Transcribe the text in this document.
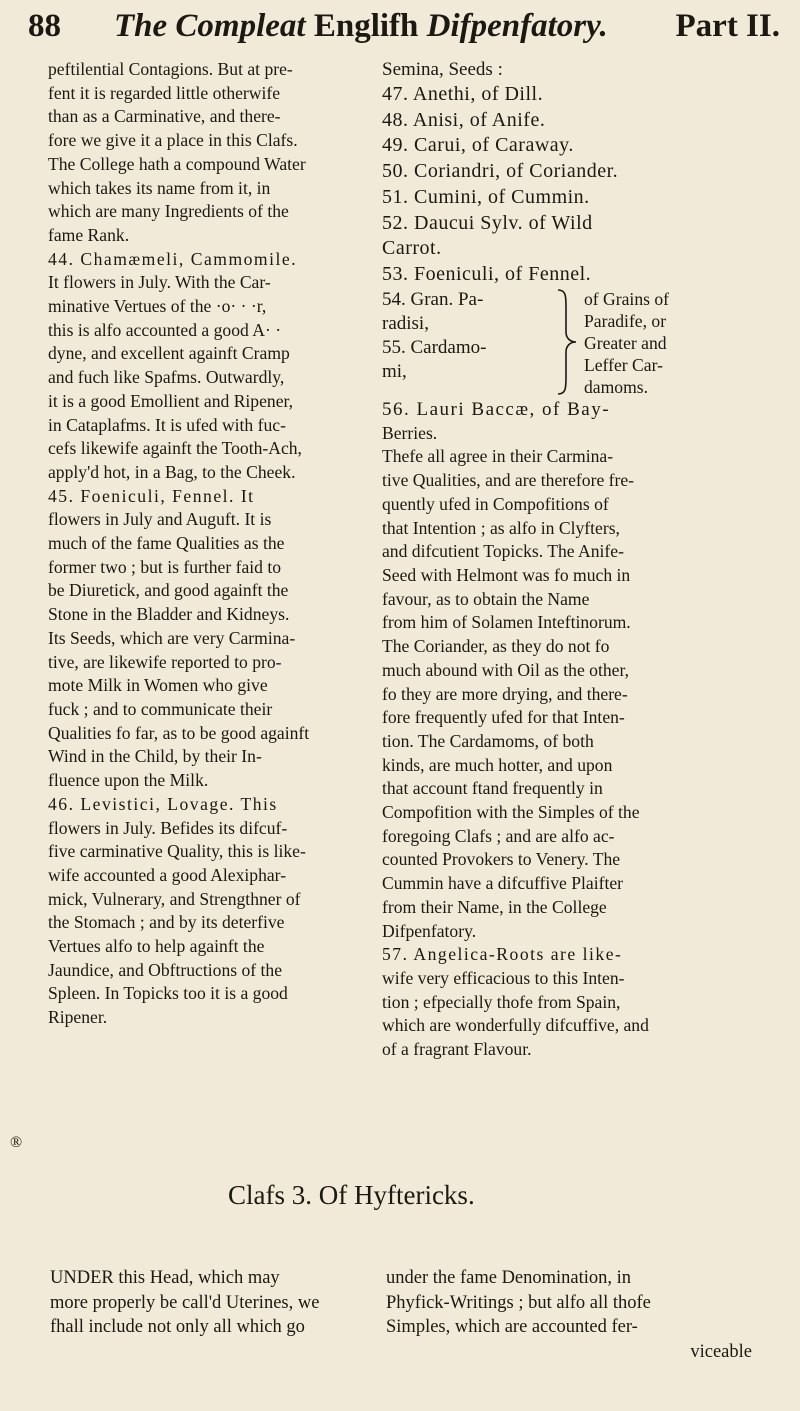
88 The Compleat Englifh Difpenfatory. Part II.

peftilential Contagions. But at pre-
fent it is regarded little otherwife
than as a Carminative, and there-
fore we give it a place in this Clafs.
The College hath a compound Water
which takes its name from it, in
which are many Ingredients of the
fame Rank.

44. Chamæmeli, Cammomile.
It flowers in July. With the Car-
minative Vertues of the ·o· · ·r,
this is alfo accounted a good A· ·
dyne, and excellent againft Cramp
and fuch like Spafms. Outwardly,
it is a good Emollient and Ripener,
in Cataplafms. It is ufed with fuc-
cefs likewife againft the Tooth-Ach,
apply'd hot, in a Bag, to the Cheek.

45. Foeniculi, Fennel. It
flowers in July and Auguft. It is
much of the fame Qualities as the
former two ; but is further faid to
be Diuretick, and good againft the
Stone in the Bladder and Kidneys.
Its Seeds, which are very Carmina-
tive, are likewife reported to pro-
mote Milk in Women who give
fuck ; and to communicate their
Qualities fo far, as to be good againft
Wind in the Child, by their In-
fluence upon the Milk.

46. Levistici, Lovage. This
flowers in July. Befides its difcuf-
five carminative Quality, this is like-
wife accounted a good Alexiphar-
mick, Vulnerary, and Strengthner of
the Stomach ; and by its deterfive
Vertues alfo to help againft the
Jaundice, and Obftructions of the
Spleen. In Topicks too it is a good
Ripener.

Semina, Seeds :
47. Anethi, of Dill.
48. Anisi, of Anife.
49. Carui, of Caraway.
50. Coriandri, of Coriander.
51. Cumini, of Cummin.
52. Daucui Sylv. of Wild
Carrot.
53. Foeniculi, of Fennel.
54. Gran. Pa-
radisi,
55. Cardamo-
mi,
of Grains of
Paradife, or
Greater and
Leffer Car-
damoms.

56. Lauri Baccæ, of Bay-
Berries.

Thefe all agree in their Carmina-
tive Qualities, and are therefore fre-
quently ufed in Compofitions of
that Intention ; as alfo in Clyfters,
and difcutient Topicks. The Anife-
Seed with Helmont was fo much in
favour, as to obtain the Name
from him of Solamen Inteftinorum.
The Coriander, as they do not fo
much abound with Oil as the other,
fo they are more drying, and there-
fore frequently ufed for that Inten-
tion. The Cardamoms, of both
kinds, are much hotter, and upon
that account ftand frequently in
Compofition with the Simples of the
foregoing Clafs ; and are alfo ac-
counted Provokers to Venery. The
Cummin have a difcuffive Plaifter
from their Name, in the College
Difpenfatory.

57. Angelica-Roots are like-
wife very efficacious to this Inten-
tion ; efpecially thofe from Spain,
which are wonderfully difcuffive, and
of a fragrant Flavour.

®
Clafs 3. Of Hyftericks.
UNDER this Head, which may
more properly be call'd Uterines, we
fhall include not only all which go
under the fame Denomination, in
Phyfick-Writings ; but alfo all thofe
Simples, which are accounted fer-
viceable
